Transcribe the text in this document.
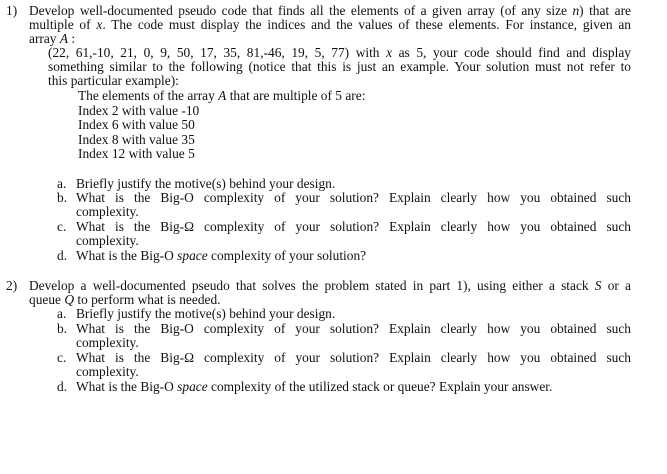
1) Develop well-documented pseudo code that finds all the elements of a given array (of any size n) that are
multiple of x. The code must display the indices and the values of these elements. For instance, given an
array A :
(22, 61,-10, 21, 0, 9, 50, 17, 35, 81,-46, 19, 5, 77) with x as 5, your code should find and display
something similar to the following (notice that this is just an example. Your solution must not refer to
this particular example):
The elements of the array A that are multiple of 5 are:
Index 2 with value -10
Index 6 with value 50
Index 8 with value 35
Index 12 with value 5
a. Briefly justify the motive(s) behind your design.
b. What is the Big-O complexity of your solution? Explain clearly how you obtained such
complexity.
c. What is the Big-Ω complexity of your solution? Explain clearly how you obtained such
complexity.
d. What is the Big-O space complexity of your solution?
2) Develop a well-documented pseudo that solves the problem stated in part 1), using either a stack S or a
queue Q to perform what is needed.
a. Briefly justify the motive(s) behind your design.
b. What is the Big-O complexity of your solution? Explain clearly how you obtained such
complexity.
c. What is the Big-Ω complexity of your solution? Explain clearly how you obtained such
complexity.
d. What is the Big-O space complexity of the utilized stack or queue? Explain your answer.
